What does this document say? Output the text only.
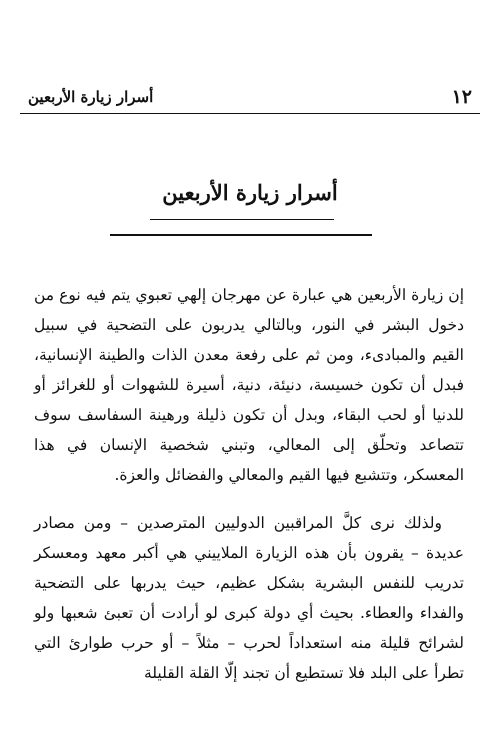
١٢
أسرار زيارة الأربعين
أسرار زيارة الأربعين

إن زيارة الأربعين هي عبارة عن مهرجان إلهي تعبوي يتم فيه نوع من دخول البشر في النور، وبالتالي يدربون على التضحية في سبيل القيم والمبادىء، ومن ثم على رفعة معدن الذات والطينة الإنسانية، فبدل أن تكون خسيسة، دنيئة، دنية، أسيرة للشهوات أو للغرائز أو للدنيا أو لحب البقاء، وبدل أن تكون ذليلة ورهينة السفاسف سوف تتصاعد وتحلّق إلى المعالي، وتبني شخصية الإنسان في هذا المعسكر، وتتشبع فيها القيم والمعالي والفضائل والعزة.

ولذلك نرى كلَّ المراقبين الدوليين المترصدين – ومن مصادر عديدة – يقرون بأن هذه الزيارة الملاييني هي أكبر معهد ومعسكر تدريب للنفس البشرية بشكل عظيم، حيث يدربها على التضحية والفداء والعطاء. بحيث أي دولة كبرى لو أرادت أن تعبئ شعبها ولو لشرائح قليلة منه استعداداً لحرب – مثلاً – أو حرب طوارئ التي تطرأ على البلد فلا تستطيع أن تجند إلّا القلة القليلة
